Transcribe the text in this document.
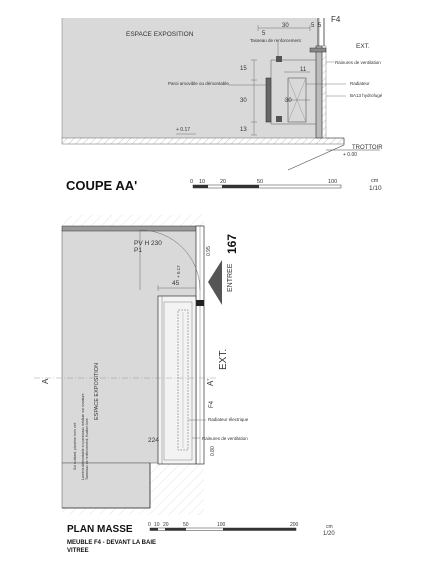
30	5 5
5
15	11
30	30
13
ESPACE EXPOSITION
F4
EXT.
Tasseau de renforcement
Rainures de ventilation
Paroi amovible ou démontable	Radiateur
BA13 hydrofugé
TROTTOIR
+ 0.00
+ 0.17
COUPE AA'	0 10	20	50	100	cm
1/10
45
224
A	A'
F4
EXT.
ENTREE
167
0.95
PV H 230
P1
+ 0.17
ESPACE EXPOSITION
0.80
Sol existant, plancher bois ciré Lambris démontable en panneaux médium sur ossature Tasseaux de renforcement, fixation bois	Radiateur électrique
Rainures de ventilation
PLAN MASSE
MEUBLE F4 - DEVANT LA BAIE
VITREE
0 10 20	50	100	200	cm
1/20
